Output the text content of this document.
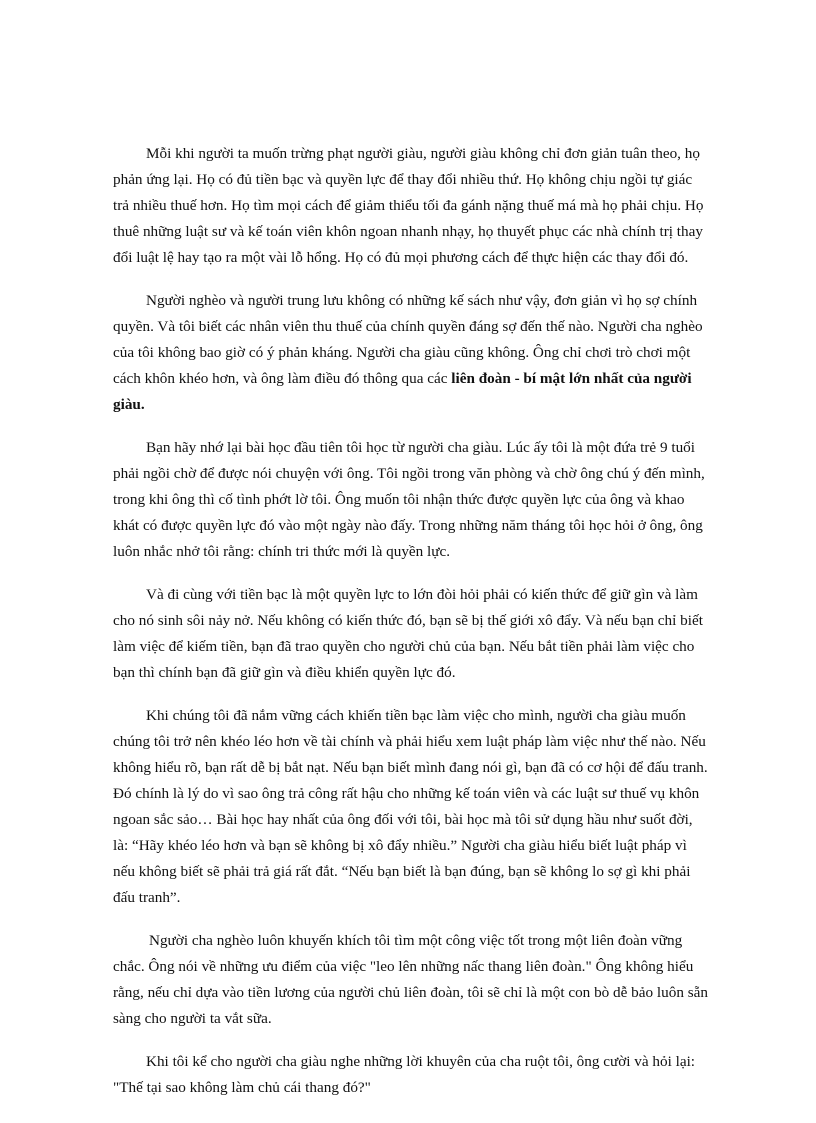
Mỗi khi người ta muốn trừng phạt người giàu, người giàu không chỉ đơn giản tuân theo, họ phản ứng lại. Họ có đủ tiền bạc và quyền lực để thay đổi nhiều thứ. Họ không chịu ngồi tự giác trả nhiều thuế hơn. Họ tìm mọi cách để giảm thiểu tối đa gánh nặng thuế má mà họ phải chịu. Họ thuê những luật sư và kế toán viên khôn ngoan nhanh nhạy, họ thuyết phục các nhà chính trị thay đổi luật lệ hay tạo ra một vài lỗ hổng. Họ có đủ mọi phương cách để thực hiện các thay đổi đó.

Người nghèo và người trung lưu không có những kế sách như vậy, đơn giản vì họ sợ chính quyền. Và tôi biết các nhân viên thu thuế của chính quyền đáng sợ đến thế nào. Người cha nghèo của tôi không bao giờ có ý phản kháng. Người cha giàu cũng không. Ông chỉ chơi trò chơi một cách khôn khéo hơn, và ông làm điều đó thông qua các liên đoàn - bí mật lớn nhất của người giàu.

Bạn hãy nhớ lại bài học đầu tiên tôi học từ người cha giàu. Lúc ấy tôi là một đứa trẻ 9 tuổi phải ngồi chờ để được nói chuyện với ông. Tôi ngồi trong văn phòng và chờ ông chú ý đến mình, trong khi ông thì cố tình phớt lờ tôi. Ông muốn tôi nhận thức được quyền lực của ông và khao khát có được quyền lực đó vào một ngày nào đấy. Trong những năm tháng tôi học hỏi ở ông, ông luôn nhắc nhở tôi rằng: chính tri thức mới là quyền lực.

Và đi cùng với tiền bạc là một quyền lực to lớn đòi hỏi phải có kiến thức để giữ gìn và làm cho nó sinh sôi nảy nở. Nếu không có kiến thức đó, bạn sẽ bị thế giới xô đẩy. Và nếu bạn chỉ biết làm việc để kiếm tiền, bạn đã trao quyền cho người chủ của bạn. Nếu bắt tiền phải làm việc cho bạn thì chính bạn đã giữ gìn và điều khiển quyền lực đó.

Khi chúng tôi đã nắm vững cách khiến tiền bạc làm việc cho mình, người cha giàu muốn chúng tôi trở nên khéo léo hơn về tài chính và phải hiểu xem luật pháp làm việc như thế nào. Nếu không hiểu rõ, bạn rất dễ bị bắt nạt. Nếu bạn biết mình đang nói gì, bạn đã có cơ hội để đấu tranh. Đó chính là lý do vì sao ông trả công rất hậu cho những kế toán viên và các luật sư thuế vụ khôn ngoan sắc sảo… Bài học hay nhất của ông đối với tôi, bài học mà tôi sử dụng hầu như suốt đời, là: “Hãy khéo léo hơn và bạn sẽ không bị xô đẩy nhiều.” Người cha giàu hiểu biết luật pháp vì nếu không biết sẽ phải trả giá rất đắt. “Nếu bạn biết là bạn đúng, bạn sẽ không lo sợ gì khi phải đấu tranh”.

Người cha nghèo luôn khuyến khích tôi tìm một công việc tốt trong một liên đoàn vững chắc. Ông nói về những ưu điểm của việc "leo lên những nấc thang liên đoàn." Ông không hiểu rằng, nếu chỉ dựa vào tiền lương của người chủ liên đoàn, tôi sẽ chỉ là một con bò dễ bảo luôn sẵn sàng cho người ta vắt sữa.

Khi tôi kể cho người cha giàu nghe những lời khuyên của cha ruột tôi, ông cười và hỏi lại: "Thế tại sao không làm chủ cái thang đó?"
